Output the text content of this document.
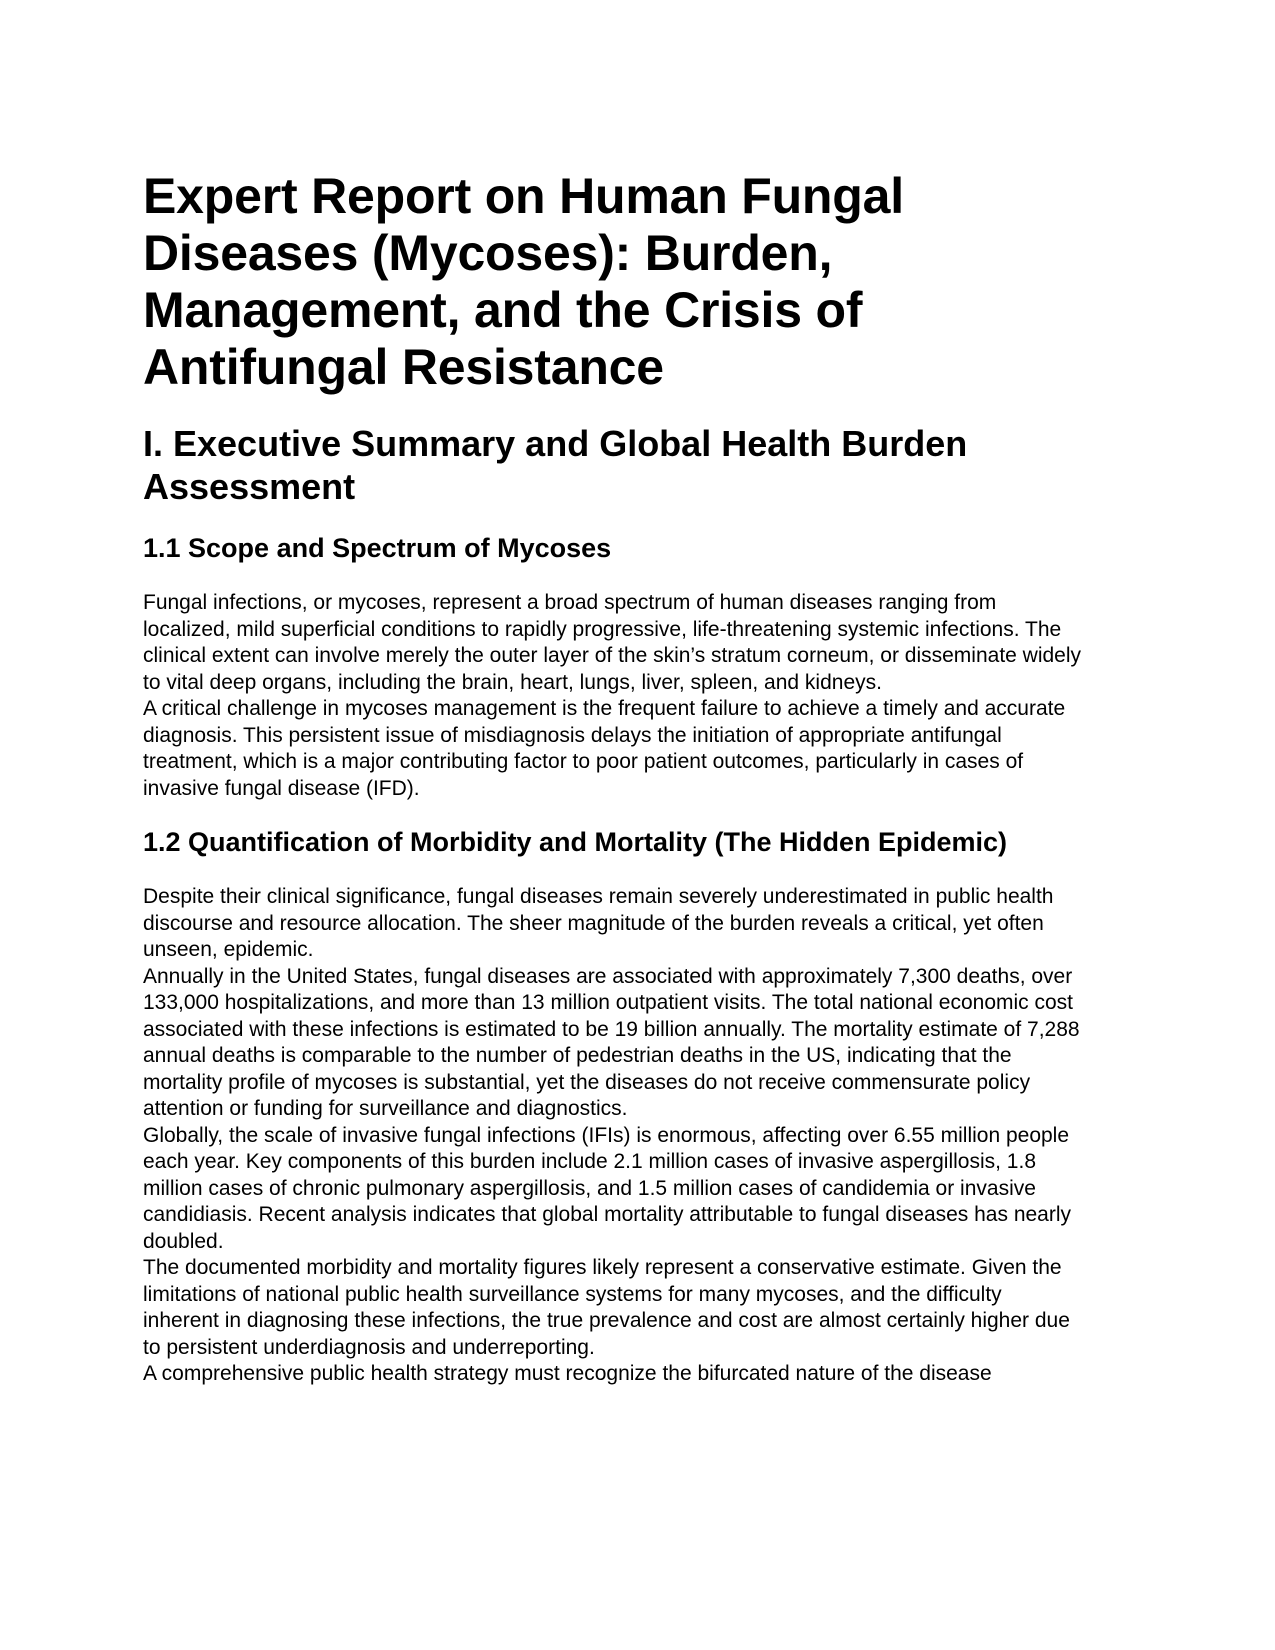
Expert Report on Human Fungal Diseases (Mycoses): Burden, Management, and the Crisis of Antifungal Resistance
I. Executive Summary and Global Health Burden Assessment
1.1 Scope and Spectrum of Mycoses

Fungal infections, or mycoses, represent a broad spectrum of human diseases ranging from localized, mild superficial conditions to rapidly progressive, life-threatening systemic infections. The clinical extent can involve merely the outer layer of the skin’s stratum corneum, or disseminate widely to vital deep organs, including the brain, heart, lungs, liver, spleen, and kidneys.

A critical challenge in mycoses management is the frequent failure to achieve a timely and accurate diagnosis. This persistent issue of misdiagnosis delays the initiation of appropriate antifungal treatment, which is a major contributing factor to poor patient outcomes, particularly in cases of invasive fungal disease (IFD).

1.2 Quantification of Morbidity and Mortality (The Hidden Epidemic)

Despite their clinical significance, fungal diseases remain severely underestimated in public health discourse and resource allocation. The sheer magnitude of the burden reveals a critical, yet often unseen, epidemic.

Annually in the United States, fungal diseases are associated with approximately 7,300 deaths, over 133,000 hospitalizations, and more than 13 million outpatient visits. The total national economic cost associated with these infections is estimated to be 19 billion annually. The mortality estimate of 7,288 annual deaths is comparable to the number of pedestrian deaths in the US, indicating that the mortality profile of mycoses is substantial, yet the diseases do not receive commensurate policy attention or funding for surveillance and diagnostics.

Globally, the scale of invasive fungal infections (IFIs) is enormous, affecting over 6.55 million people each year. Key components of this burden include 2.1 million cases of invasive aspergillosis, 1.8 million cases of chronic pulmonary aspergillosis, and 1.5 million cases of candidemia or invasive candidiasis. Recent analysis indicates that global mortality attributable to fungal diseases has nearly doubled.

The documented morbidity and mortality figures likely represent a conservative estimate. Given the limitations of national public health surveillance systems for many mycoses, and the difficulty inherent in diagnosing these infections, the true prevalence and cost are almost certainly higher due to persistent underdiagnosis and underreporting.

A comprehensive public health strategy must recognize the bifurcated nature of the disease
